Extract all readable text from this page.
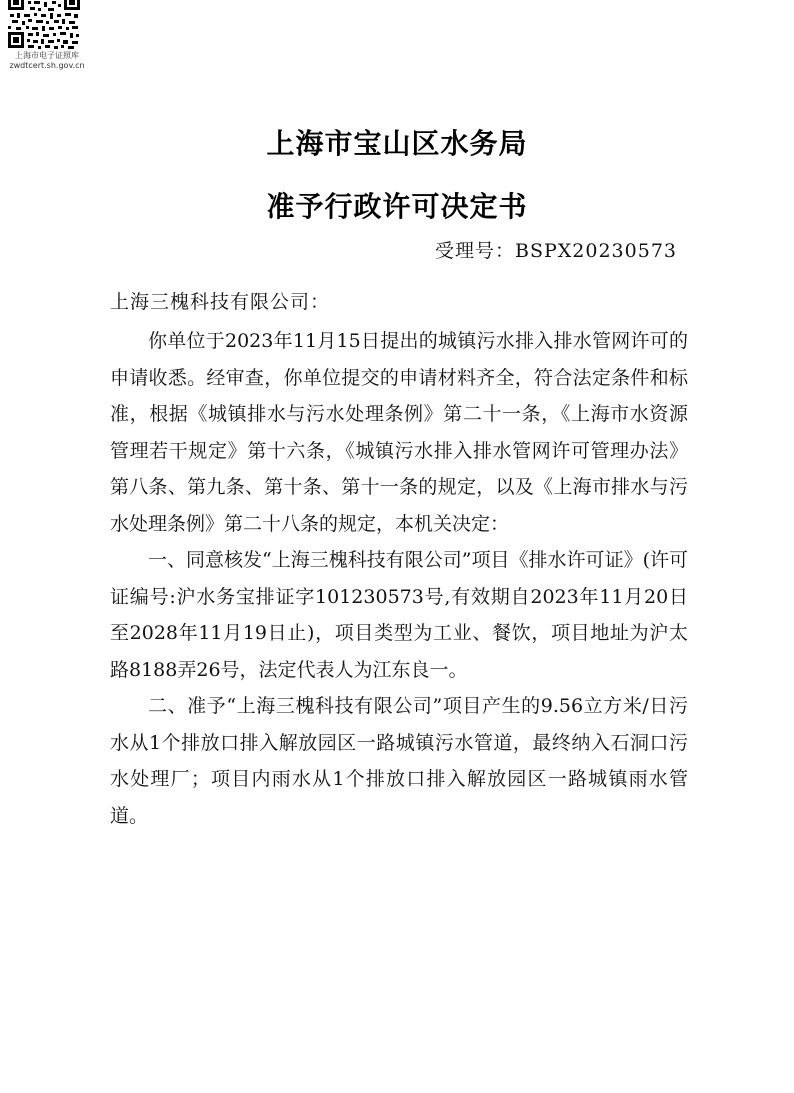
上海市电子证照库
zwdtcert.sh.gov.cn
上海市宝山区水务局
准予行政许可决定书
受理号：BSPX20230573
上海三槐科技有限公司：

你单位于2023年11月15日提出的城镇污水排入排水管网许可的申请收悉。经审查，你单位提交的申请材料齐全，符合法定条件和标准，根据《城镇排水与污水处理条例》第二十一条，《上海市水资源管理若干规定》第十六条，《城镇污水排入排水管网许可管理办法》第八条、第九条、第十条、第十一条的规定，以及《上海市排水与污水处理条例》第二十八条的规定，本机关决定：

一、同意核发“上海三槐科技有限公司”项目《排水许可证》(许可证编号:沪水务宝排证字101230573号,有效期自2023年11月20日至2028年11月19日止)，项目类型为工业、餐饮，项目地址为沪太路8188弄26号，法定代表人为江东良一。

二、准予“上海三槐科技有限公司”项目产生的9.56立方米/日污水从1个排放口排入解放园区一路城镇污水管道，最终纳入石洞口污水处理厂；项目内雨水从1个排放口排入解放园区一路城镇雨水管道。
